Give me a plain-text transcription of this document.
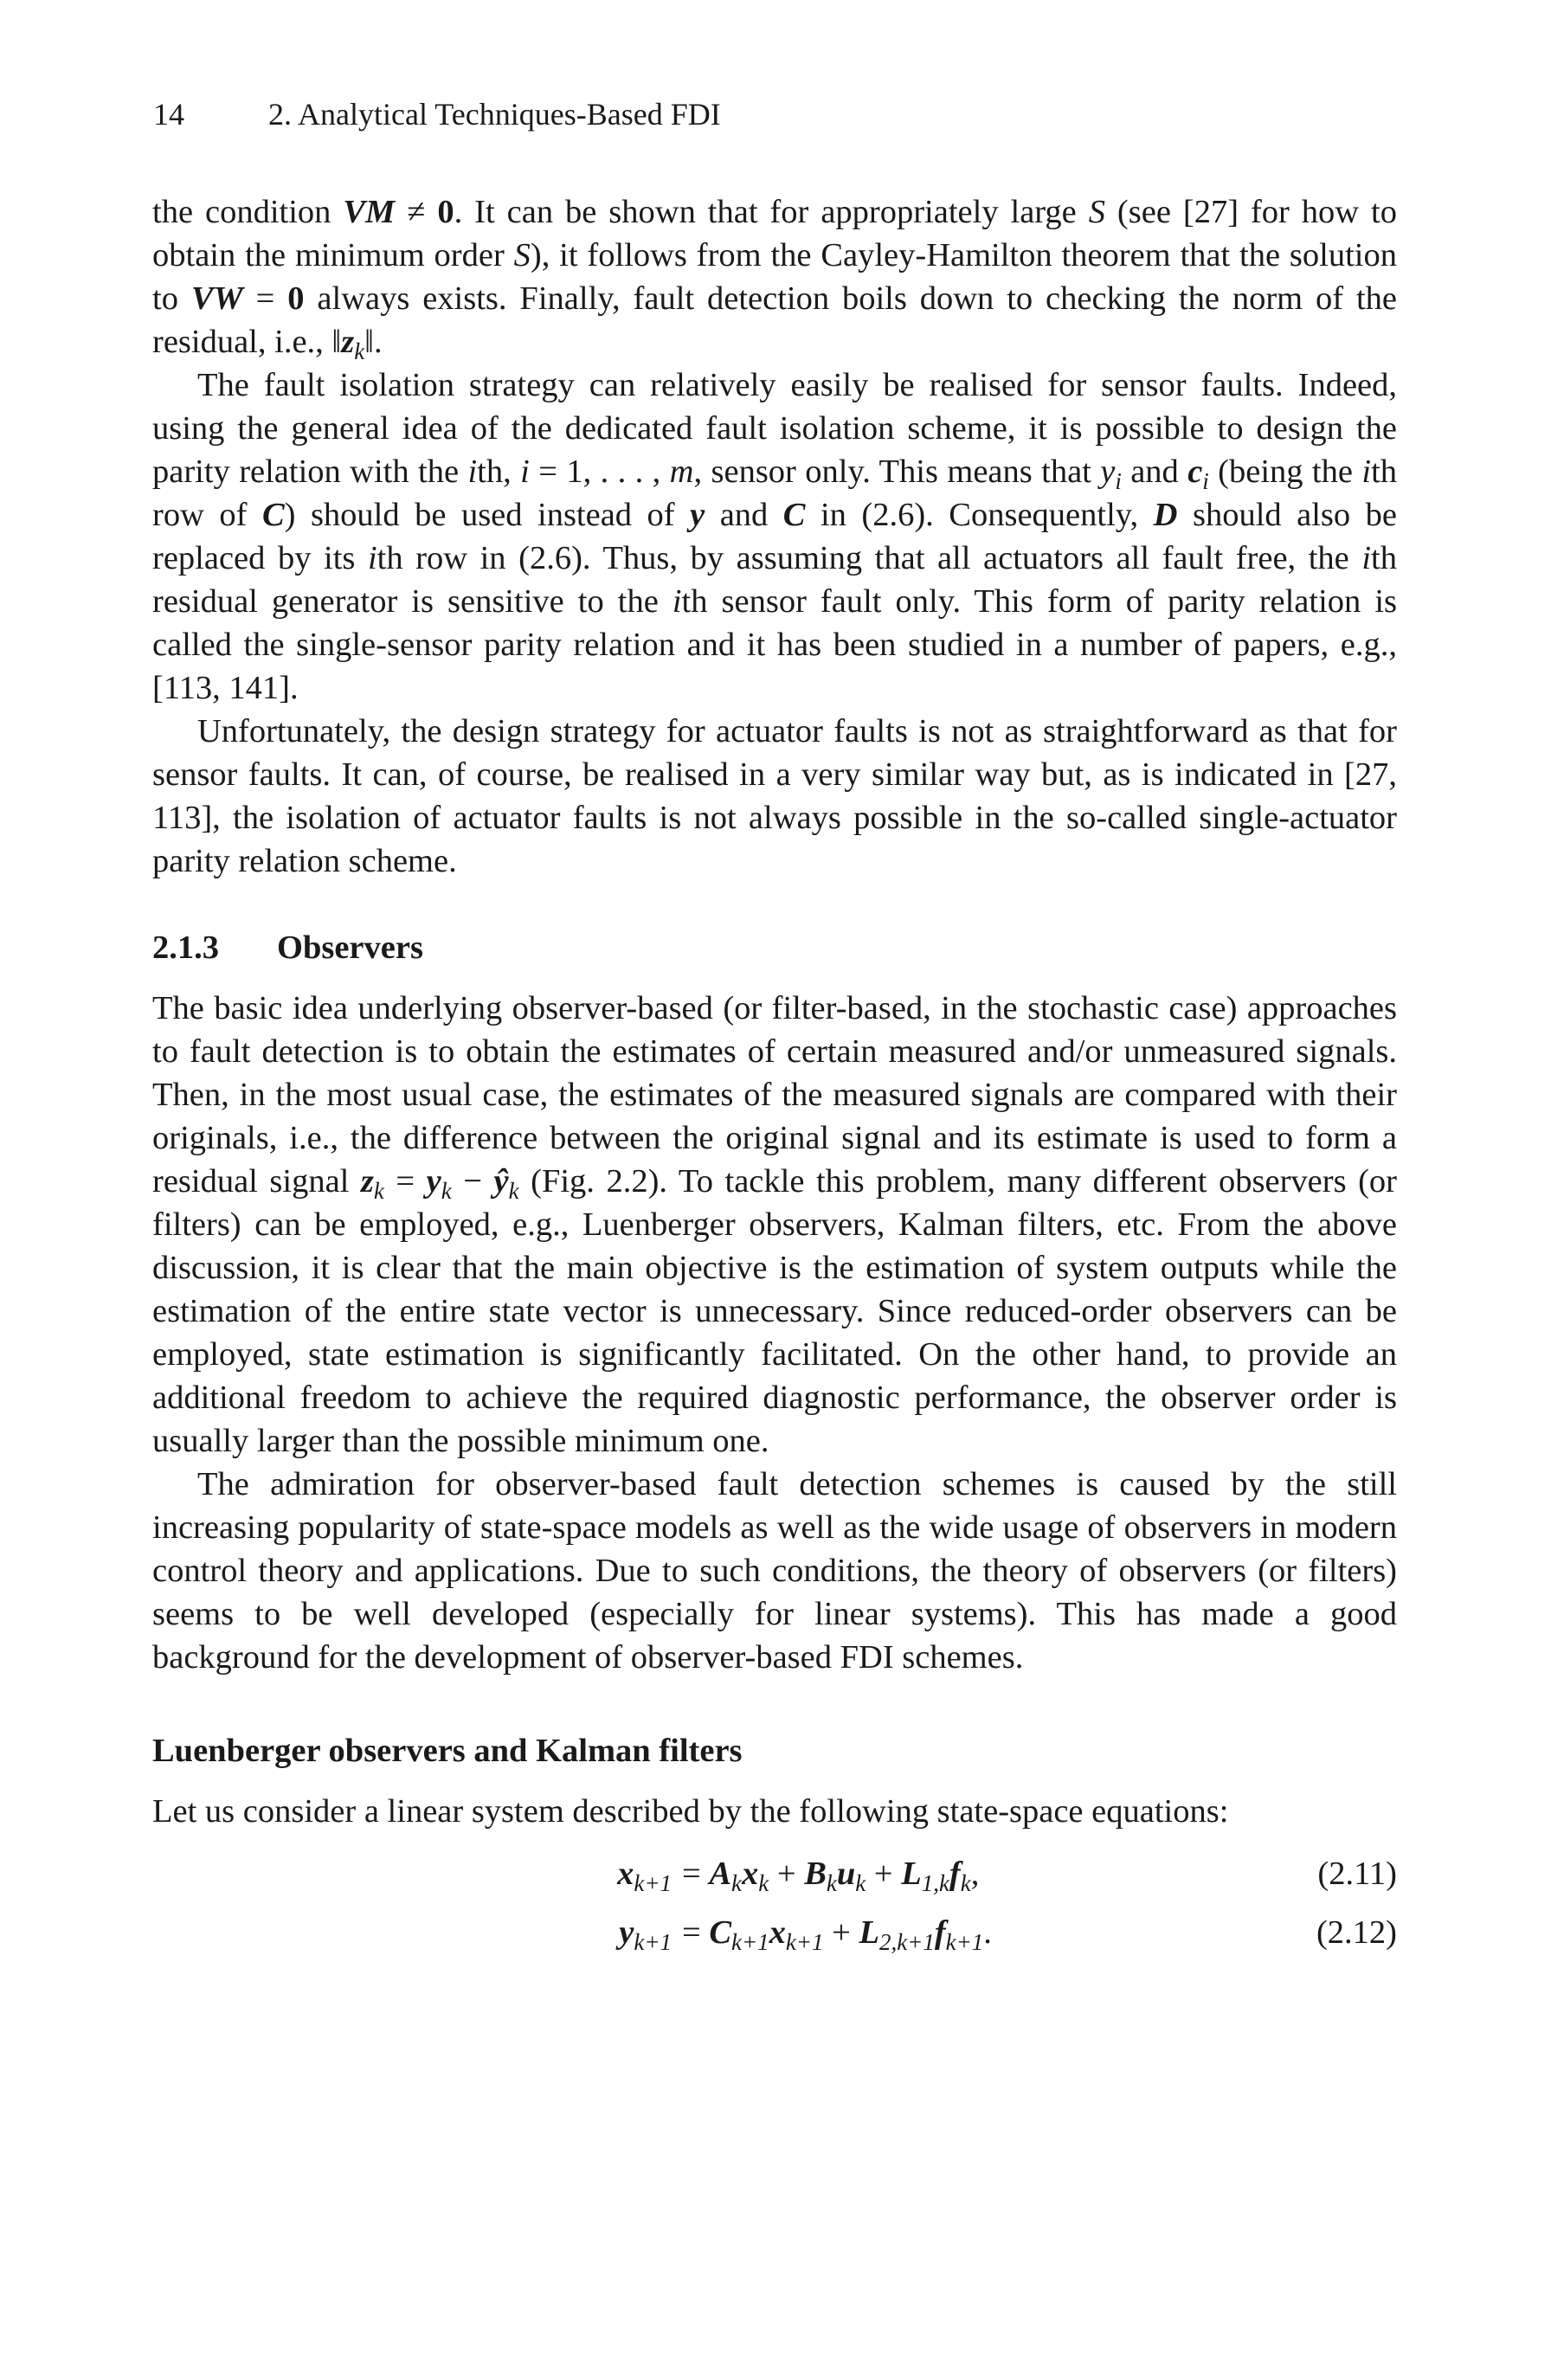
14	2. Analytical Techniques-Based FDI

the condition VM ≠ 0. It can be shown that for appropriately large S (see [27] for how to obtain the minimum order S), it follows from the Cayley-Hamilton theorem that the solution to VW = 0 always exists. Finally, fault detection boils down to checking the norm of the residual, i.e., $‖z_k‖$.

The fault isolation strategy can relatively easily be realised for sensor faults. Indeed, using the general idea of the dedicated fault isolation scheme, it is possible to design the parity relation with the ith, i = 1, . . . , m, sensor only. This means that $y_i$ and $c_i$ (being the ith row of C) should be used instead of y and C in (2.6). Consequently, D should also be replaced by its ith row in (2.6). Thus, by assuming that all actuators all fault free, the ith residual generator is sensitive to the ith sensor fault only. This form of parity relation is called the single-sensor parity relation and it has been studied in a number of papers, e.g., [113, 141].

Unfortunately, the design strategy for actuator faults is not as straightforward as that for sensor faults. It can, of course, be realised in a very similar way but, as is indicated in [27, 113], the isolation of actuator faults is not always possible in the so-called single-actuator parity relation scheme.

2.1.3 Observers

The basic idea underlying observer-based (or filter-based, in the stochastic case) approaches to fault detection is to obtain the estimates of certain measured and/or unmeasured signals. Then, in the most usual case, the estimates of the measured signals are compared with their originals, i.e., the difference between the original signal and its estimate is used to form a residual signal $z_k = y_k$ − $ŷ_k$ (Fig. 2.2). To tackle this problem, many different observers (or filters) can be employed, e.g., Luenberger observers, Kalman filters, etc. From the above discussion, it is clear that the main objective is the estimation of system outputs while the estimation of the entire state vector is unnecessary. Since reduced-order observers can be employed, state estimation is significantly facilitated. On the other hand, to provide an additional freedom to achieve the required diagnostic performance, the observer order is usually larger than the possible minimum one.

The admiration for observer-based fault detection schemes is caused by the still increasing popularity of state-space models as well as the wide usage of observers in modern control theory and applications. Due to such conditions, the theory of observers (or filters) seems to be well developed (especially for linear systems). This has made a good background for the development of observer-based FDI schemes.

Luenberger observers and Kalman filters

Let us consider a linear system described by the following state-space equations:

$x_{k+1} = A_kx_k + B_ku_k + L_{1,k}f_k$,	(2.11)
$y_{k+1} = C_{k+1}x_{k+1} + L_{2,k+1}f_{k+1}$.	(2.12)
